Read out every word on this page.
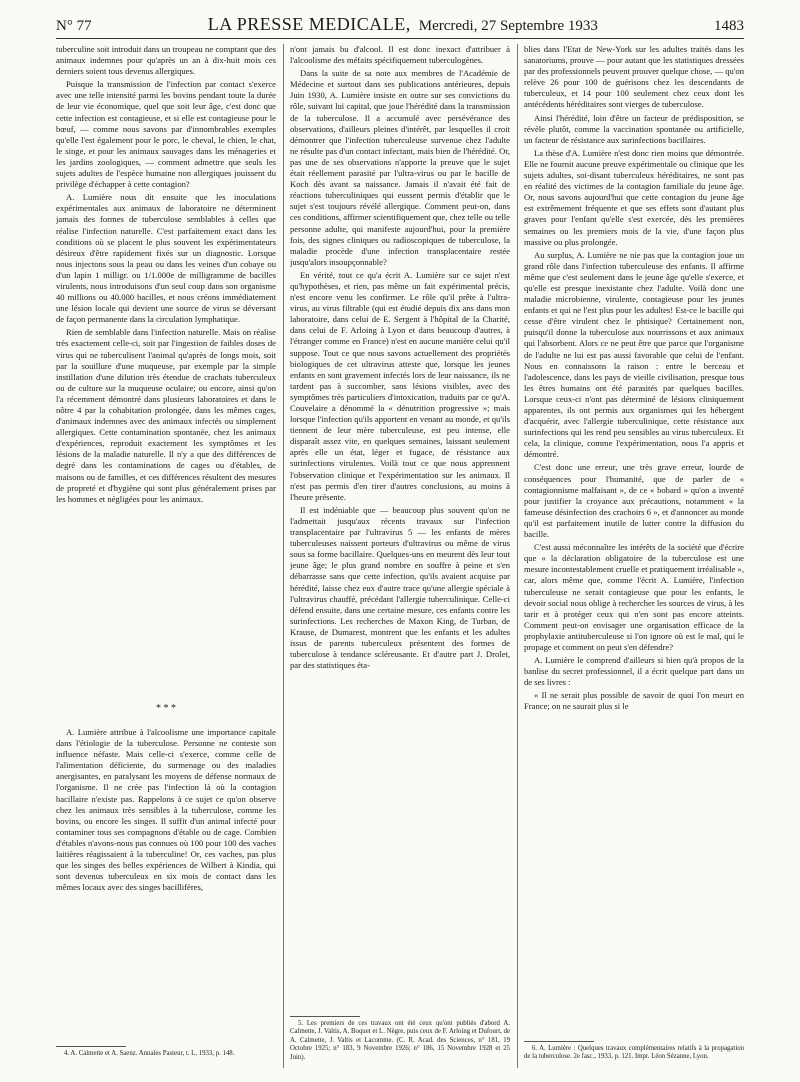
N° 77	LA PRESSE MEDICALE, Mercredi, 27 Septembre 1933	1483

tuberculine soit introduit dans un troupeau ne comptant que des animaux indemnes pour qu'après un an à dix-huit mois ces derniers soient tous devenus allergiques.

Puisque la transmission de l'infection par contact s'exerce avec une telle intensité parmi les bovins pendant toute la durée de leur vie économique, quel que soit leur âge, c'est donc que cette infection est contagieuse, et si elle est contagieuse pour le bœuf, — comme nous savons par d'innombrables exemples qu'elle l'est également pour le porc, le cheval, le chien, le chat, le singe, et pour les animaux sauvages dans les ménageries et les jardins zoologiques, — comment admettre que seuls les sujets adultes de l'espèce humaine non allergiques jouissent du privilège d'échapper à cette contagion?

A. Lumière nous dit ensuite que les inoculations expérimentales aux animaux de laboratoire ne déterminent jamais des formes de tuberculose semblables à celles que réalise l'infection naturelle. C'est parfaitement exact dans les conditions où se placent le plus souvent les expérimentateurs désireux d'être rapidement fixés sur un diagnostic. Lorsque nous injectons sous la peau ou dans les veines d'un cobaye ou d'un lapin 1 milligr. ou 1/1.000e de milligramme de bacilles virulents, nous introduisons d'un seul coup dans son organisme 40 millions ou 40.000 bacilles, et nous créons immédiatement une lésion locale qui devient une source de virus se déversant de façon permanente dans la circulation lymphatique.

Rien de semblable dans l'infection naturelle. Mais on réalise très exactement celle-ci, soit par l'ingestion de faibles doses de virus qui ne tuberculisent l'animal qu'après de longs mois, soit par la souillure d'une muqueuse, par exemple par la simple instillation d'une dilution très étendue de crachats tuberculeux ou de culture sur la muqueuse oculaire; ou encore, ainsi qu'on l'a récemment démontré dans plusieurs laboratoires et dans le nôtre 4 par la cohabitation prolongée, dans les mêmes cages, d'animaux indemnes avec des animaux infectés ou simplement allergiques. Cette contamination spontanée, chez les animaux d'expériences, reproduit exactement les symptômes et les lésions de la maladie naturelle. Il n'y a que des différences de degré dans les contaminations de cages ou d'étables, de maisons ou de familles, et ces différences résultent des mesures de propreté et d'hygiène qui sont plus généralement prises par les hommes et négligées pour les animaux.

* * *

A. Lumière attribue à l'alcoolisme une importance capitale dans l'étiologie de la tuberculose. Personne ne conteste son influence néfaste. Mais celle-ci s'exerce, comme celle de l'alimentation déficiente, du surmenage ou des maladies anergisantes, en paralysant les moyens de défense normaux de l'organisme. Il ne crée pas l'infection là où la contagion bacillaire n'existe pas. Rappelons à ce sujet ce qu'on observe chez les animaux très sensibles à la tuberculose, comme les bovins, ou encore les singes. Il suffit d'un animal infecté pour contaminer tous ses compagnons d'étable ou de cage. Combien d'étables n'avons-nous pas connues où 100 pour 100 des vaches laitières réagissaient à la tuberculine! Or, ces vaches, pas plus que les singes des belles expériences de Wilbert à Kindia, qui sont devenus tuberculeux en six mois de contact dans les mêmes locaux avec des singes bacillifères,

4. A. Calmette et A. Saenz. Annales Pasteur, t. L, 1933, p. 148.

n'ont jamais bu d'alcool. Il est donc inexact d'attribuer à l'alcoolisme des méfaits spécifiquement tuberculogènes.

Dans la suite de sa note aux membres de l'Académie de Médecine et surtout dans ses publications antérieures, depuis Juin 1930, A. Lumière insiste en outre sur ses convictions du rôle, suivant lui capital, que joue l'hérédité dans la transmission de la tuberculose. Il a accumulé avec persévérance des observations, d'ailleurs pleines d'intérêt, par lesquelles il croit démontrer que l'infection tuberculeuse survenue chez l'adulte ne résulte pas d'un contact infectant, mais bien de l'hérédité. Or, pas une de ses observations n'apporte la preuve que le sujet était réellement parasité par l'ultra-virus ou par le bacille de Koch dès avant sa naissance. Jamais il n'avait été fait de réactions tuberculiniques qui eussent permis d'établir que le sujet s'est toujours révélé allergique. Comment peut-on, dans ces conditions, affirmer scientifiquement que, chez telle ou telle personne adulte, qui manifeste aujourd'hui, pour la première fois, des signes cliniques ou radioscopiques de tuberculose, la maladie procède d'une infection transplacentaire restée jusqu'alors insoupçonnable?

En vérité, tout ce qu'a écrit A. Lumière sur ce sujet n'est qu'hypothèses, et rien, pas même un fait expérimental précis, n'est encore venu les confirmer. Le rôle qu'il prête à l'ultra-virus, au virus filtrable (qui est étudié depuis dix ans dans mon laboratoire, dans celui de E. Sergent à l'hôpital de la Charité, dans celui de F. Arloing à Lyon et dans beaucoup d'autres, à l'étranger comme en France) n'est en aucune manière celui qu'il suppose. Tout ce que nous savons actuellement des propriétés biologiques de cet ultravirus atteste que, lorsque les jeunes enfants en sont gravement infectés lors de leur naissance, ils ne tardent pas à succomber, sans lésions visibles, avec des symptômes très particuliers d'intoxication, traduits par ce qu'A. Couvelaire a dénommé la « dénutrition progressive »; mais lorsque l'infection qu'ils apportent en venant au monde, et qu'ils tiennent de leur mère tuberculeuse, est peu intense, elle disparaît assez vite, en quelques semaines, laissant seulement après elle un état, léger et fugace, de résistance aux surinfections virulentes. Voilà tout ce que nous apprennent l'observation clinique et l'expérimentation sur les animaux. Il n'est pas permis d'en tirer d'autres conclusions, au moins à l'heure présente.

Il est indéniable que — beaucoup plus souvent qu'on ne l'admettait jusqu'aux récents travaux sur l'infection transplacentaire par l'ultravirus 5 — les enfants de mères tuberculeuses naissent porteurs d'ultravirus ou même de virus sous sa forme bacillaire. Quelques-uns en meurent dès leur tout jeune âge; le plus grand nombre en souffre à peine et s'en débarrasse sans que cette infection, qu'ils avaient acquise par hérédité, laisse chez eux d'autre trace qu'une allergie spéciale à l'ultravirus chauffé, précédant l'allergie tuberculinique. Celle-ci défend ensuite, dans une certaine mesure, ces enfants contre les surinfections. Les recherches de Maxon King, de Turban, de Krause, de Dumarest, montrent que les enfants et les adultes issus de parents tuberculeux présentent des formes de tuberculose à tendance scléreusante. Et d'autre part J. Drolet, par des statistiques éta-

5. Les premiers de ces travaux ont été ceux qu'ont publiés d'abord A. Calmette, J. Valtis, A. Boquet et L. Nègre, puis ceux de F. Arloing et Dufourt, de A. Calmette, J. Valtis et Lacomme. (C. R. Acad. des Sciences, n° 181, 19 Octobre 1925; n° 183, 9 Novembre 1926; n° 186, 15 Novembre 1928 et 25 Juin).

blies dans l'Etat de New-York sur les adultes traités dans les sanatoriums, prouve — pour autant que les statistiques dressées par des professionnels peuvent prouver quelque chose, — qu'on relève 26 pour 100 de guérisons chez les descendants de tuberculeux, et 14 pour 100 seulement chez ceux dont les antécédents héréditaires sont vierges de tuberculose.

Ainsi l'hérédité, loin d'être un facteur de prédisposition, se révèle plutôt, comme la vaccination spontanée ou artificielle, un facteur de résistance aux surinfections bacillaires.

La thèse d'A. Lumière n'est donc rien moins que démontrée. Elle ne fournit aucune preuve expérimentale ou clinique que les sujets adultes, soi-disant tuberculeux héréditaires, ne sont pas en réalité des victimes de la contagion familiale du jeune âge. Or, nous savons aujourd'hui que cette contagion du jeune âge est extrêmement fréquente et que ses effets sont d'autant plus graves pour l'enfant qu'elle s'est exercée, dès les premières semaines ou les premiers mois de la vie, d'une façon plus massive ou plus prolongée.

Au surplus, A. Lumière ne nie pas que la contagion joue un grand rôle dans l'infection tuberculeuse des enfants. Il affirme même que c'est seulement dans le jeune âge qu'elle s'exerce, et qu'elle est presque inexistante chez l'adulte. Voilà donc une maladie microbienne, virulente, contagieuse pour les jeunes enfants et qui ne l'est plus pour les adultes! Est-ce le bacille qui cesse d'être virulent chez le phtisique? Certainement non, puisqu'il donne la tuberculose aux nourrissons et aux animaux qui l'absorbent. Alors ce ne peut être que parce que l'organisme de l'adulte ne lui est pas aussi favorable que celui de l'enfant. Nous en connaissons la raison : entre le berceau et l'adolescence, dans les pays de vieille civilisation, presque tous les êtres humains ont été parasités par quelques bacilles. Lorsque ceux-ci n'ont pas déterminé de lésions cliniquement apparentes, ils ont permis aux organismes qui les hébergent d'acquérir, avec l'allergie tuberculinique, cette résistance aux surinfections qui les rend peu sensibles au virus tuberculeux. Et cela, la clinique, comme l'expérimentation, nous l'a appris et démontré.

C'est donc une erreur, une très grave erreur, lourde de conséquences pour l'humanité, que de parler de « contagionnisme malfaisant », de ce « bobard » qu'on a inventé pour justifier la croyance aux précautions, notamment « la fameuse désinfection des crachoirs 6 », et d'annoncer au monde qu'il est parfaitement inutile de lutter contre la diffusion du bacille.

C'est aussi méconnaître les intérêts de la société que d'écrire que « la déclaration obligatoire de la tuberculose est une mesure incontestablement cruelle et pratiquement irréalisable », car, alors même que, comme l'écrit A. Lumière, l'infection tuberculeuse ne serait contagieuse que pour les enfants, le devoir social nous oblige à rechercher les sources de virus, à les tarir et à protéger ceux qui n'en sont pas encore atteints. Comment peut-on envisager une organisation efficace de la prophylaxie antituberculeuse si l'on ignore où est le mal, qui le propage et comment on peut s'en défendre?

A. Lumière le comprend d'ailleurs si bien qu'à propos de la banlise du secret professionnel, il a écrit quelque part dans un de ses livres :

« Il ne serait plus possible de savoir de quoi l'on meurt en France; on ne saurait plus si le

6. A. Lumière : Quelques travaux complémentaires relatifs à la propagation de la tuberculose. 2e fasc., 1933, p. 121. Impr. Léon Sézanne, Lyon.
